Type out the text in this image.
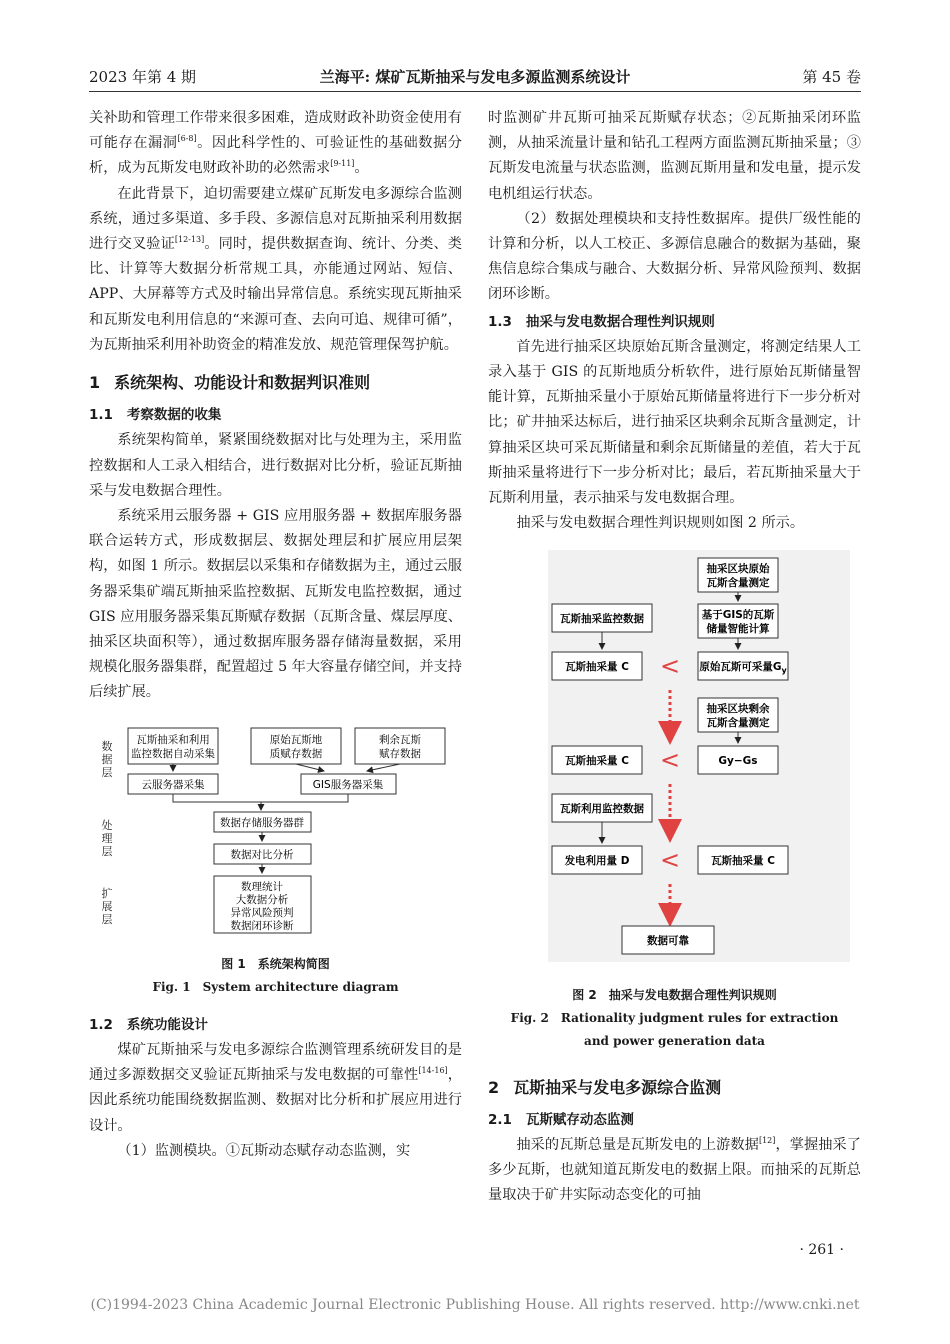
2023 年第 4 期	兰海平: 煤矿瓦斯抽采与发电多源监测系统设计	第 45 卷

关补助和管理工作带来很多困难，造成财政补助资金使用有可能存在漏洞[6-8]。因此科学性的、可验证性的基础数据分析，成为瓦斯发电财政补助的必然需求[9-11]。

在此背景下，迫切需要建立煤矿瓦斯发电多源综合监测系统，通过多渠道、多手段、多源信息对瓦斯抽采利用数据进行交叉验证[12-13]。同时，提供数据查询、统计、分类、类比、计算等大数据分析常规工具，亦能通过网站、短信、APP、大屏幕等方式及时输出异常信息。系统实现瓦斯抽采和瓦斯发电利用信息的“来源可查、去向可追、规律可循”，为瓦斯抽采利用补助资金的精准发放、规范管理保驾护航。

1 系统架构、功能设计和数据判识准则
1.1 考察数据的收集

系统架构简单，紧紧围绕数据对比与处理为主，采用监控数据和人工录入相结合，进行数据对比分析，验证瓦斯抽采与发电数据合理性。

系统采用云服务器 + GIS 应用服务器 + 数据库服务器联合运转方式，形成数据层、数据处理层和扩展应用层架构，如图 1 所示。数据层以采集和存储数据为主，通过云服务器采集矿端瓦斯抽采监控数据、瓦斯发电监控数据，通过 GIS 应用服务器采集瓦斯赋存数据（瓦斯含量、煤层厚度、抽采区块面积等），通过数据库服务器存储海量数据，采用规模化服务器集群，配置超过 5 年大容量存储空间，并支持后续扩展。

数
据
层
处
理
层
扩
展
层
瓦斯抽采和利用
监控数据自动采集
原始瓦斯地
质赋存数据
剩余瓦斯
赋存数据
云服务器采集	GIS服务器采集
数据存储服务器群
数据对比分析
数理统计
大数据分析
异常风险预判
数据闭环诊断
图 1　系统架构简图
Fig. 1　System architecture diagram
1.2 系统功能设计

煤矿瓦斯抽采与发电多源综合监测管理系统研发目的是通过多源数据交叉验证瓦斯抽采与发电数据的可靠性[14-16]，因此系统功能围绕数据监测、数据对比分析和扩展应用进行设计。

（1）监测模块。①瓦斯动态赋存动态监测，实

时监测矿井瓦斯可抽采瓦斯赋存状态；②瓦斯抽采闭环监测，从抽采流量计量和钻孔工程两方面监测瓦斯抽采量；③瓦斯发电流量与状态监测，监测瓦斯用量和发电量，提示发电机组运行状态。

（2）数据处理模块和支持性数据库。提供厂级性能的计算和分析，以人工校正、多源信息融合的数据为基础，聚焦信息综合集成与融合、大数据分析、异常风险预判、数据闭环诊断。

1.3 抽采与发电数据合理性判识规则

首先进行抽采区块原始瓦斯含量测定，将测定结果人工录入基于 GIS 的瓦斯地质分析软件，进行原始瓦斯储量智能计算，瓦斯抽采量小于原始瓦斯储量将进行下一步分析对比；矿井抽采达标后，进行抽采区块剩余瓦斯含量测定，计算抽采区块可采瓦斯储量和剩余瓦斯储量的差值，若大于瓦斯抽采量将进行下一步分析对比；最后，若瓦斯抽采量大于瓦斯利用量，表示抽采与发电数据合理。

抽采与发电数据合理性判识规则如图 2 所示。

抽采区块原始
瓦斯含量测定
基于GIS的瓦斯
储量智能计算
原始瓦斯可采量$G_y$
抽采区块剩余
瓦斯含量测定
Gy−Gs
瓦斯抽采量 C
瓦斯抽采监控数据
瓦斯抽采量 C
瓦斯抽采量 C
瓦斯利用监控数据
发电利用量 D
<
<
<
数据可靠
图 2　抽采与发电数据合理性判识规则
Fig. 2　Rationality judgment rules for extraction
and power generation data
2 瓦斯抽采与发电多源综合监测
2.1 瓦斯赋存动态监测

抽采的瓦斯总量是瓦斯发电的上游数据[12]，掌握抽采了多少瓦斯，也就知道瓦斯发电的数据上限。而抽采的瓦斯总量取决于矿井实际动态变化的可抽

· 261 ·
(C)1994-2023 China Academic Journal Electronic Publishing House. All rights reserved. http://www.cnki.net
